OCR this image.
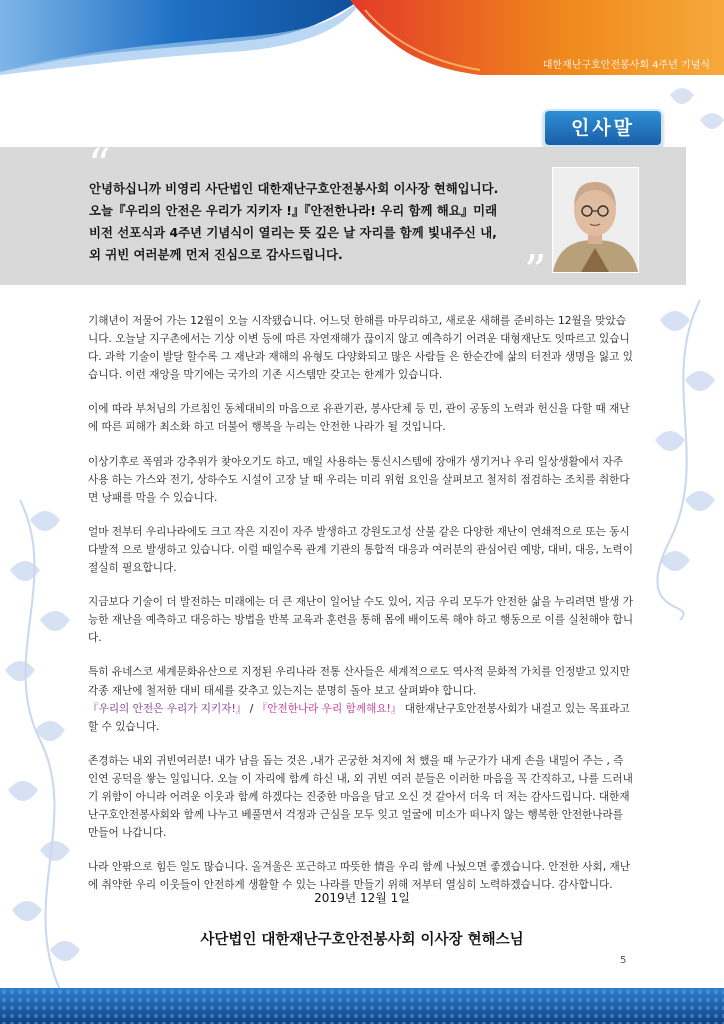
대한재난구호안전봉사회 4주년 기념식
인사말
“
”

안녕하십니까 비영리 사단법인 대한재난구호안전봉사회 이사장 현해입니다.

오늘『우리의 안전은 우리가 지키자 !』『안전한나라! 우리 함께 해요』미래

비전 선포식과 4주년 기념식이 열리는 뜻 깊은 날 자리를 함께 빛내주신 내,

외 귀빈 여러분께 먼저 진심으로 감사드립니다.

기해년이 저물어 가는 12월이 오늘 시작됐습니다. 어느덧 한해를 마무리하고, 새로운 새해를 준비하는 12월을 맞았습니다. 오늘날 지구촌에서는 기상 이변 등에 따른 자연재해가 끊이지 않고 예측하기 어려운 대형재난도 잇따르고 있습니다. 과학 기술이 발달 할수록 그 재난과 재해의 유형도 다양화되고 많은 사람들 은 한순간에 삶의 터전과 생명을 잃고 있습니다. 이런 재앙을 막기에는 국가의 기존 시스템만 갖고는 한계가 있습니다.

이에 따라 부처님의 가르침인 동체대비의 마음으로 유관기관, 봉사단체 등 민, 관이 공동의 노력과 헌신을 다할 때 재난에 따른 피해가 최소화 하고 더불어 행복을 누리는 안전한 나라가 될 것입니다.

이상기후로 폭염과 강추위가 찾아오기도 하고, 매일 사용하는 통신시스템에 장애가 생기거나 우리 일상생활에서 자주 사용 하는 가스와 전기, 상하수도 시설이 고장 날 때 우리는 미리 위험 요인을 살펴보고 철저히 점검하는 조치를 취한다면 낭패를 막을 수 있습니다.

얼마 전부터 우리나라에도 크고 작은 지진이 자주 발생하고 강원도고성 산불 같은 다양한 재난이 연쇄적으로 또는 동시 다발적 으로 발생하고 있습니다. 이럴 때일수록 관계 기관의 통합적 대응과 여러분의 관심어린 예방, 대비, 대응, 노력이 절실히 필요합니다.

지금보다 기술이 더 발전하는 미래에는 더 큰 재난이 일어날 수도 있어, 지금 우리 모두가 안전한 삶을 누리려면 발생 가능한 재난을 예측하고 대응하는 방법을 반복 교육과 훈련을 통해 몸에 배이도록 해야 하고 행동으로 이를 실천해야 합니다.

특히 유네스코 세계문화유산으로 지정된 우리나라 전통 산사들은 세계적으로도 역사적 문화적 가치를 인정받고 있지만 각종 재난에 철저한 대비 태세를 갖추고 있는지는 분명히 돌아 보고 살펴봐야 합니다.
『우리의 안전은 우리가 지키자!』 / 『안전한나라 우리 함께해요!』 대한재난구호안전봉사회가 내걸고 있는 목표라고 할 수 있습니다.

존경하는 내외 귀빈여러분! 내가 남을 돕는 것은 ,내가 곤궁한 처지에 처 했을 때 누군가가 내게 손을 내밀어 주는 , 즉 인연 공덕을 쌓는 일입니다. 오늘 이 자리에 함께 하신 내, 외 귀빈 여러 분들은 이러한 마음을 꼭 간직하고, 나를 드러내기 위함이 아니라 어려운 이웃과 함께 하겠다는 진중한 마음을 담고 오신 것 같아서 더욱 더 저는 감사드립니다. 대한재난구호안전봉사회와 함께 나누고 베풀면서 걱정과 근심을 모두 잊고 얼굴에 미소가 떠나지 않는 행복한 안전한나라를 만들어 나갑니다.

나라 안팎으로 힘든 일도 많습니다. 올겨울은 포근하고 따뜻한 情을 우리 함께 나눴으면 좋겠습니다. 안전한 사회, 재난에 취약한 우리 이웃들이 안전하게 생활할 수 있는 나라를 만들기 위해 저부터 열심히 노력하겠습니다. 감사합니다.

2019년 12월 1일
사단법인 대한재난구호안전봉사회 이사장 현해스님
5
